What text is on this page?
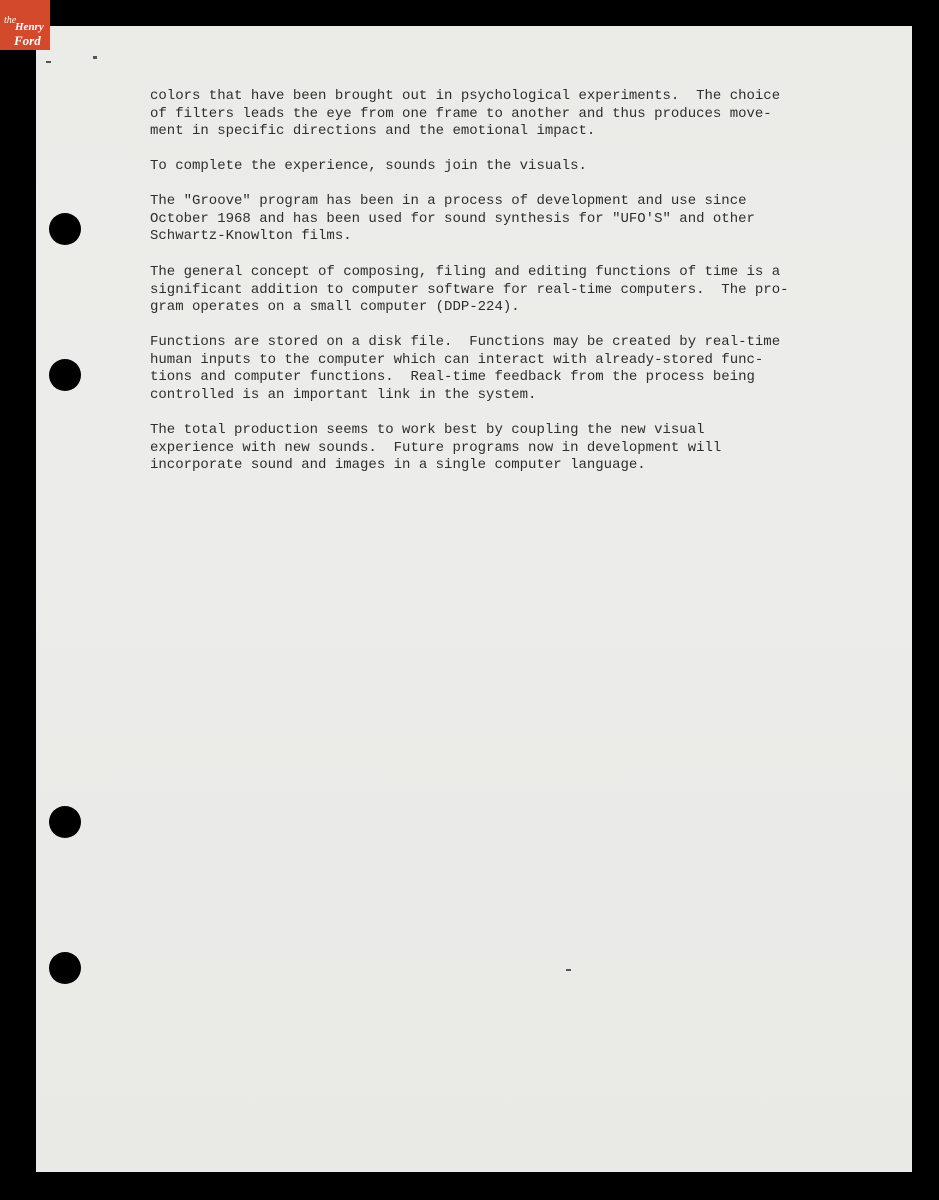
the
Henry
Ford
colors that have been brought out in psychological experiments.  The choice
of filters leads the eye from one frame to another and thus produces move-
ment in specific directions and the emotional impact.
To complete the experience, sounds join the visuals.
The "Groove" program has been in a process of development and use since
October 1968 and has been used for sound synthesis for "UFO'S" and other
Schwartz-Knowlton films.
The general concept of composing, filing and editing functions of time is a
significant addition to computer software for real-time computers.  The pro-
gram operates on a small computer (DDP-224).
Functions are stored on a disk file.  Functions may be created by real-time
human inputs to the computer which can interact with already-stored func-
tions and computer functions.  Real-time feedback from the process being
controlled is an important link in the system.
The total production seems to work best by coupling the new visual
experience with new sounds.  Future programs now in development will
incorporate sound and images in a single computer language.
